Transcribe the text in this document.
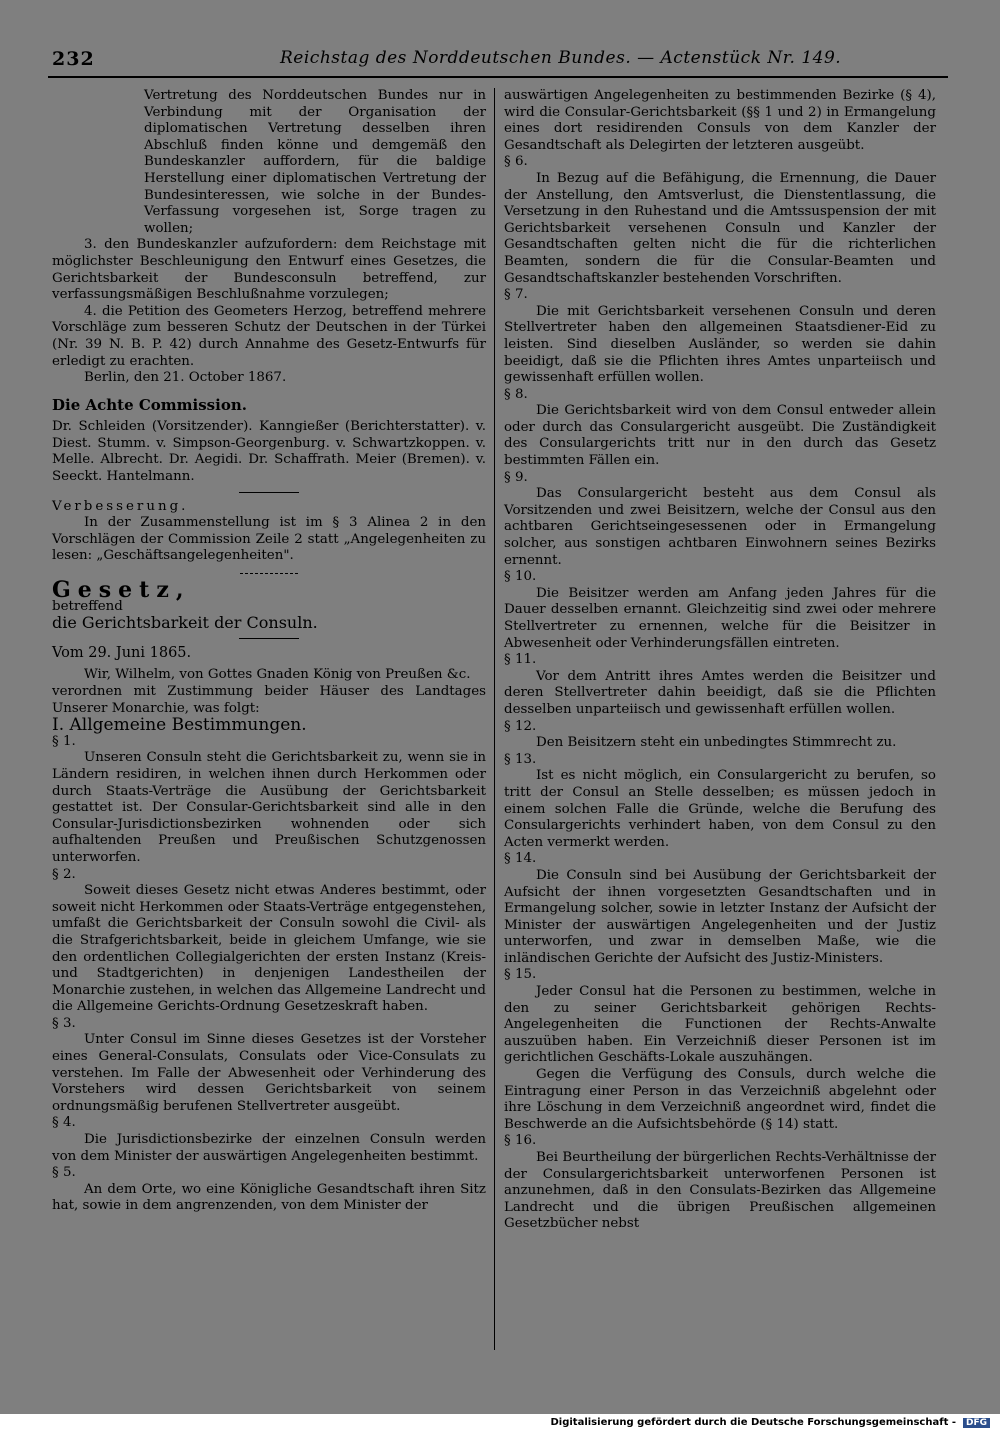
232	Reichstag des Norddeutschen Bundes. — Actenstück Nr. 149.

Vertretung des Norddeutschen Bundes nur in Verbindung mit der Organisation der diplomatischen Vertretung desselben ihren Abschluß finden könne und demgemäß den Bundeskanzler auffordern, für die baldige Herstellung einer diplomatischen Vertretung der Bundesinteressen, wie solche in der Bundes-Verfassung vorgesehen ist, Sorge tragen zu wollen;

3. den Bundeskanzler aufzufordern: dem Reichstage mit möglichster Beschleunigung den Entwurf eines Gesetzes, die Gerichtsbarkeit der Bundesconsuln betreffend, zur verfassungsmäßigen Beschlußnahme vorzulegen;

4. die Petition des Geometers Herzog, betreffend mehrere Vorschläge zum besseren Schutz der Deutschen in der Türkei (Nr. 39 N. B. P. 42) durch Annahme des Gesetz-Entwurfs für erledigt zu erachten.

Berlin, den 21. October 1867.

Die Achte Commission.

Dr. Schleiden (Vorsitzender). Kanngießer (Berichterstatter). v. Diest. Stumm. v. Simpson-Georgenburg. v. Schwartzkoppen. v. Melle. Albrecht. Dr. Aegidi. Dr. Schaffrath. Meier (Bremen). v. Seeckt. Hantelmann.

Verbesserung.

In der Zusammenstellung ist im § 3 Alinea 2 in den Vorschlägen der Commission Zeile 2 statt „Angelegenheiten zu lesen: „Geschäftsangelegenheiten".

Gesetz,

betreffend

die Gerichtsbarkeit der Consuln.

Vom 29. Juni 1865.

Wir, Wilhelm, von Gottes Gnaden König von Preußen &c.

verordnen mit Zustimmung beider Häuser des Landtages Unserer Monarchie, was folgt:

I. Allgemeine Bestimmungen.

§ 1.

Unseren Consuln steht die Gerichtsbarkeit zu, wenn sie in Ländern residiren, in welchen ihnen durch Herkommen oder durch Staats-Verträge die Ausübung der Gerichtsbarkeit gestattet ist. Der Consular-Gerichtsbarkeit sind alle in den Consular-Jurisdictionsbezirken wohnenden oder sich aufhaltenden Preußen und Preußischen Schutzgenossen unterworfen.

§ 2.

Soweit dieses Gesetz nicht etwas Anderes bestimmt, oder soweit nicht Herkommen oder Staats-Verträge entgegenstehen, umfaßt die Gerichtsbarkeit der Consuln sowohl die Civil- als die Strafgerichtsbarkeit, beide in gleichem Umfange, wie sie den ordentlichen Collegialgerichten der ersten Instanz (Kreis- und Stadtgerichten) in denjenigen Landestheilen der Monarchie zustehen, in welchen das Allgemeine Landrecht und die Allgemeine Gerichts-Ordnung Gesetzeskraft haben.

§ 3.

Unter Consul im Sinne dieses Gesetzes ist der Vorsteher eines General-Consulats, Consulats oder Vice-Consulats zu verstehen. Im Falle der Abwesenheit oder Verhinderung des Vorstehers wird dessen Gerichtsbarkeit von seinem ordnungsmäßig berufenen Stellvertreter ausgeübt.

§ 4.

Die Jurisdictionsbezirke der einzelnen Consuln werden von dem Minister der auswärtigen Angelegenheiten bestimmt.

§ 5.

An dem Orte, wo eine Königliche Gesandtschaft ihren Sitz hat, sowie in dem angrenzenden, von dem Minister der

auswärtigen Angelegenheiten zu bestimmenden Bezirke (§ 4), wird die Consular-Gerichtsbarkeit (§§ 1 und 2) in Ermangelung eines dort residirenden Consuls von dem Kanzler der Gesandtschaft als Delegirten der letzteren ausgeübt.

§ 6.

In Bezug auf die Befähigung, die Ernennung, die Dauer der Anstellung, den Amtsverlust, die Dienstentlassung, die Versetzung in den Ruhestand und die Amtssuspension der mit Gerichtsbarkeit versehenen Consuln und Kanzler der Gesandtschaften gelten nicht die für die richterlichen Beamten, sondern die für die Consular-Beamten und Gesandtschaftskanzler bestehenden Vorschriften.

§ 7.

Die mit Gerichtsbarkeit versehenen Consuln und deren Stellvertreter haben den allgemeinen Staatsdiener-Eid zu leisten. Sind dieselben Ausländer, so werden sie dahin beeidigt, daß sie die Pflichten ihres Amtes unparteiisch und gewissenhaft erfüllen wollen.

§ 8.

Die Gerichtsbarkeit wird von dem Consul entweder allein oder durch das Consulargericht ausgeübt. Die Zuständigkeit des Consulargerichts tritt nur in den durch das Gesetz bestimmten Fällen ein.

§ 9.

Das Consulargericht besteht aus dem Consul als Vorsitzenden und zwei Beisitzern, welche der Consul aus den achtbaren Gerichtseingesessenen oder in Ermangelung solcher, aus sonstigen achtbaren Einwohnern seines Bezirks ernennt.

§ 10.

Die Beisitzer werden am Anfang jeden Jahres für die Dauer desselben ernannt. Gleichzeitig sind zwei oder mehrere Stellvertreter zu ernennen, welche für die Beisitzer in Abwesenheit oder Verhinderungsfällen eintreten.

§ 11.

Vor dem Antritt ihres Amtes werden die Beisitzer und deren Stellvertreter dahin beeidigt, daß sie die Pflichten desselben unparteiisch und gewissenhaft erfüllen wollen.

§ 12.

Den Beisitzern steht ein unbedingtes Stimmrecht zu.

§ 13.

Ist es nicht möglich, ein Consulargericht zu berufen, so tritt der Consul an Stelle desselben; es müssen jedoch in einem solchen Falle die Gründe, welche die Berufung des Consulargerichts verhindert haben, von dem Consul zu den Acten vermerkt werden.

§ 14.

Die Consuln sind bei Ausübung der Gerichtsbarkeit der Aufsicht der ihnen vorgesetzten Gesandtschaften und in Ermangelung solcher, sowie in letzter Instanz der Aufsicht der Minister der auswärtigen Angelegenheiten und der Justiz unterworfen, und zwar in demselben Maße, wie die inländischen Gerichte der Aufsicht des Justiz-Ministers.

§ 15.

Jeder Consul hat die Personen zu bestimmen, welche in den zu seiner Gerichtsbarkeit gehörigen Rechts-Angelegenheiten die Functionen der Rechts-Anwalte auszuüben haben. Ein Verzeichniß dieser Personen ist im gerichtlichen Geschäfts-Lokale auszuhängen.

Gegen die Verfügung des Consuls, durch welche die Eintragung einer Person in das Verzeichniß abgelehnt oder ihre Löschung in dem Verzeichniß angeordnet wird, findet die Beschwerde an die Aufsichtsbehörde (§ 14) statt.

§ 16.

Bei Beurtheilung der bürgerlichen Rechts-Verhältnisse der der Consulargerichtsbarkeit unterworfenen Personen ist anzunehmen, daß in den Consulats-Bezirken das Allgemeine Landrecht und die übrigen Preußischen allgemeinen Gesetzbücher nebst

Digitalisierung gefördert durch die Deutsche Forschungsgemeinschaft -	DFG
